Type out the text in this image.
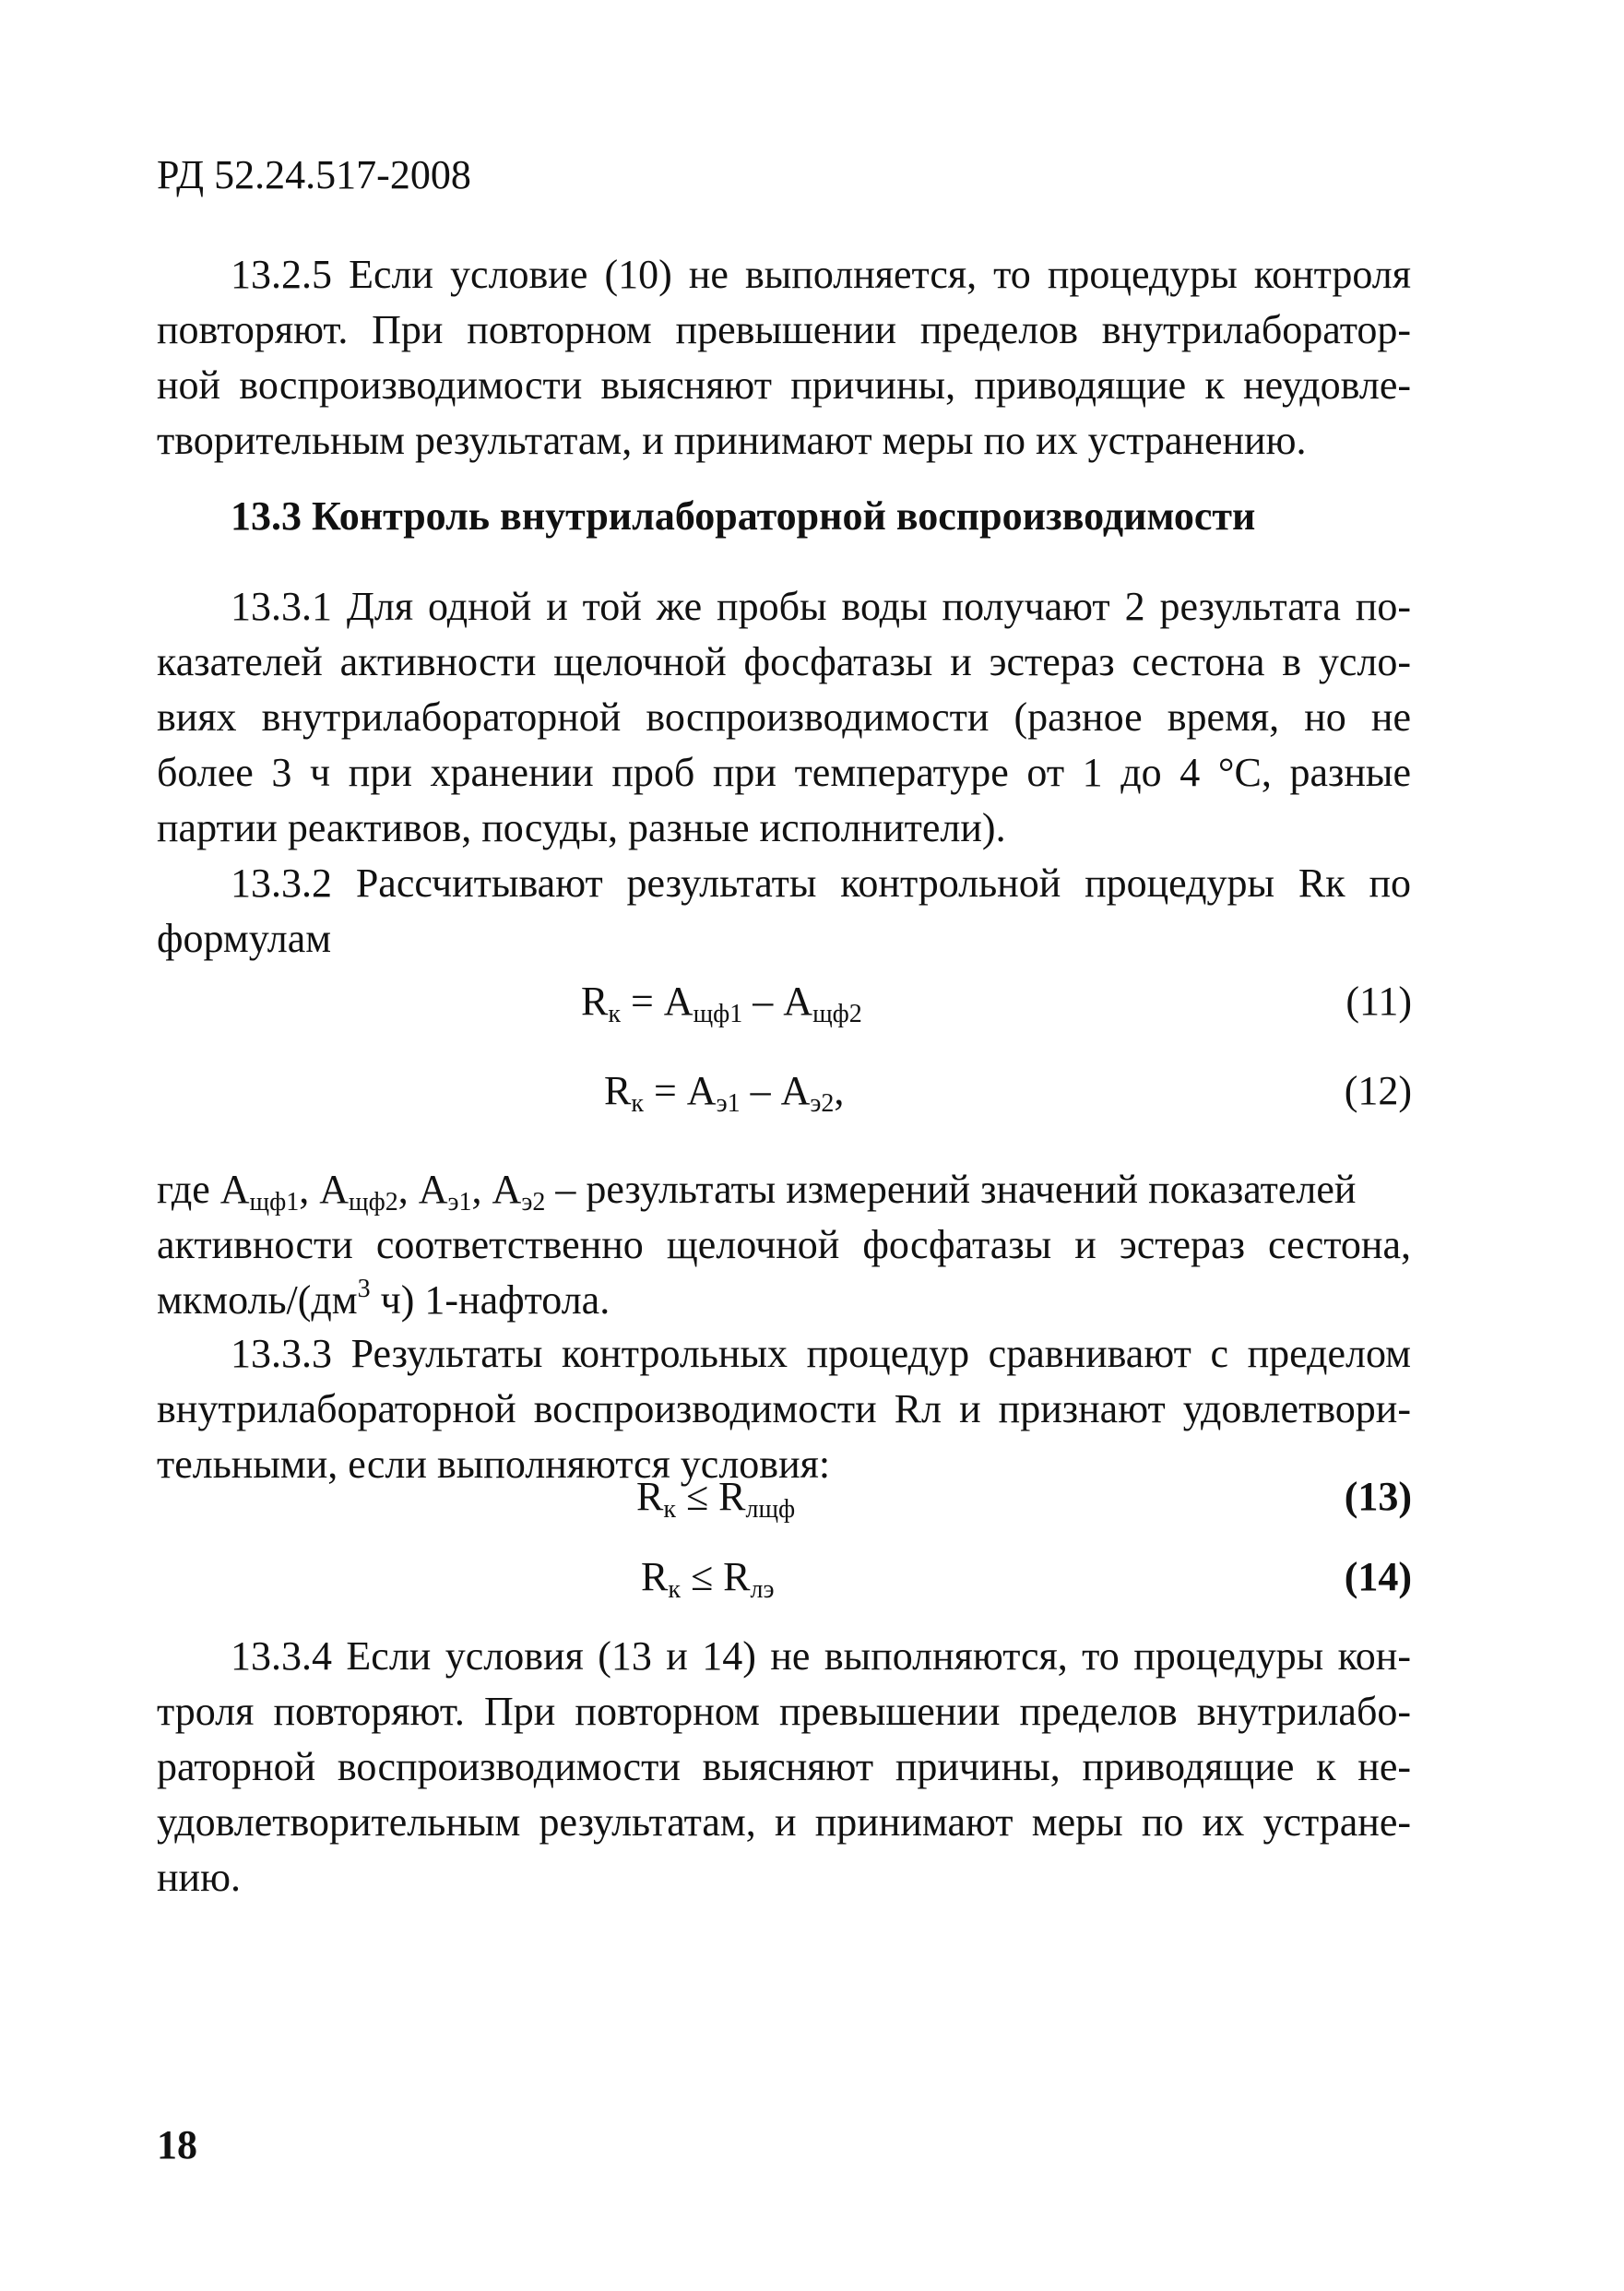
РД 52.24.517-2008
13.2.5 Если условие (10) не выполняется, то процедуры контроля
повторяют. При повторном превышении пределов внутрилаборатор-
ной воспроизводимости выясняют причины, приводящие к неудовле-
творительным результатам, и принимают меры по их устранению.
13.3 Контроль внутрилабораторной воспроизводимости
13.3.1 Для одной и той же пробы воды получают 2 результата по-
казателей активности щелочной фосфатазы и эстераз сестона в усло-
виях внутрилабораторной воспроизводимости (разное время, но не
более 3 ч при хранении проб при температуре от 1 до 4 °С, разные
партии реактивов, посуды, разные исполнители).
13.3.2 Рассчитывают результаты контрольной процедуры Rк по
формулам
$R_к = A_{щф1} - A_{щф2}$	(11)
$R_к = A_{э1} - A_{э2}$,	(12)
где $A_{щф1}$, $A_{щф2}$, $A_{э1}$, $A_{э2}$ – результаты измерений значений показателей
активности соответственно щелочной фосфатазы и эстераз сестона,
мкмоль/($дм^3$ ч) 1-нафтола.
13.3.3 Результаты контрольных процедур сравнивают с пределом
внутрилабораторной воспроизводимости Rл и признают удовлетвори-
тельными, если выполняются условия:
$R_к \le R_{лщф}$	(13)
$R_к \le R_{лэ}$	(14)
13.3.4 Если условия (13 и 14) не выполняются, то процедуры кон-
троля повторяют. При повторном превышении пределов внутрилабо-
раторной воспроизводимости выясняют причины, приводящие к не-
удовлетворительным результатам, и принимают меры по их устране-
нию.
18
